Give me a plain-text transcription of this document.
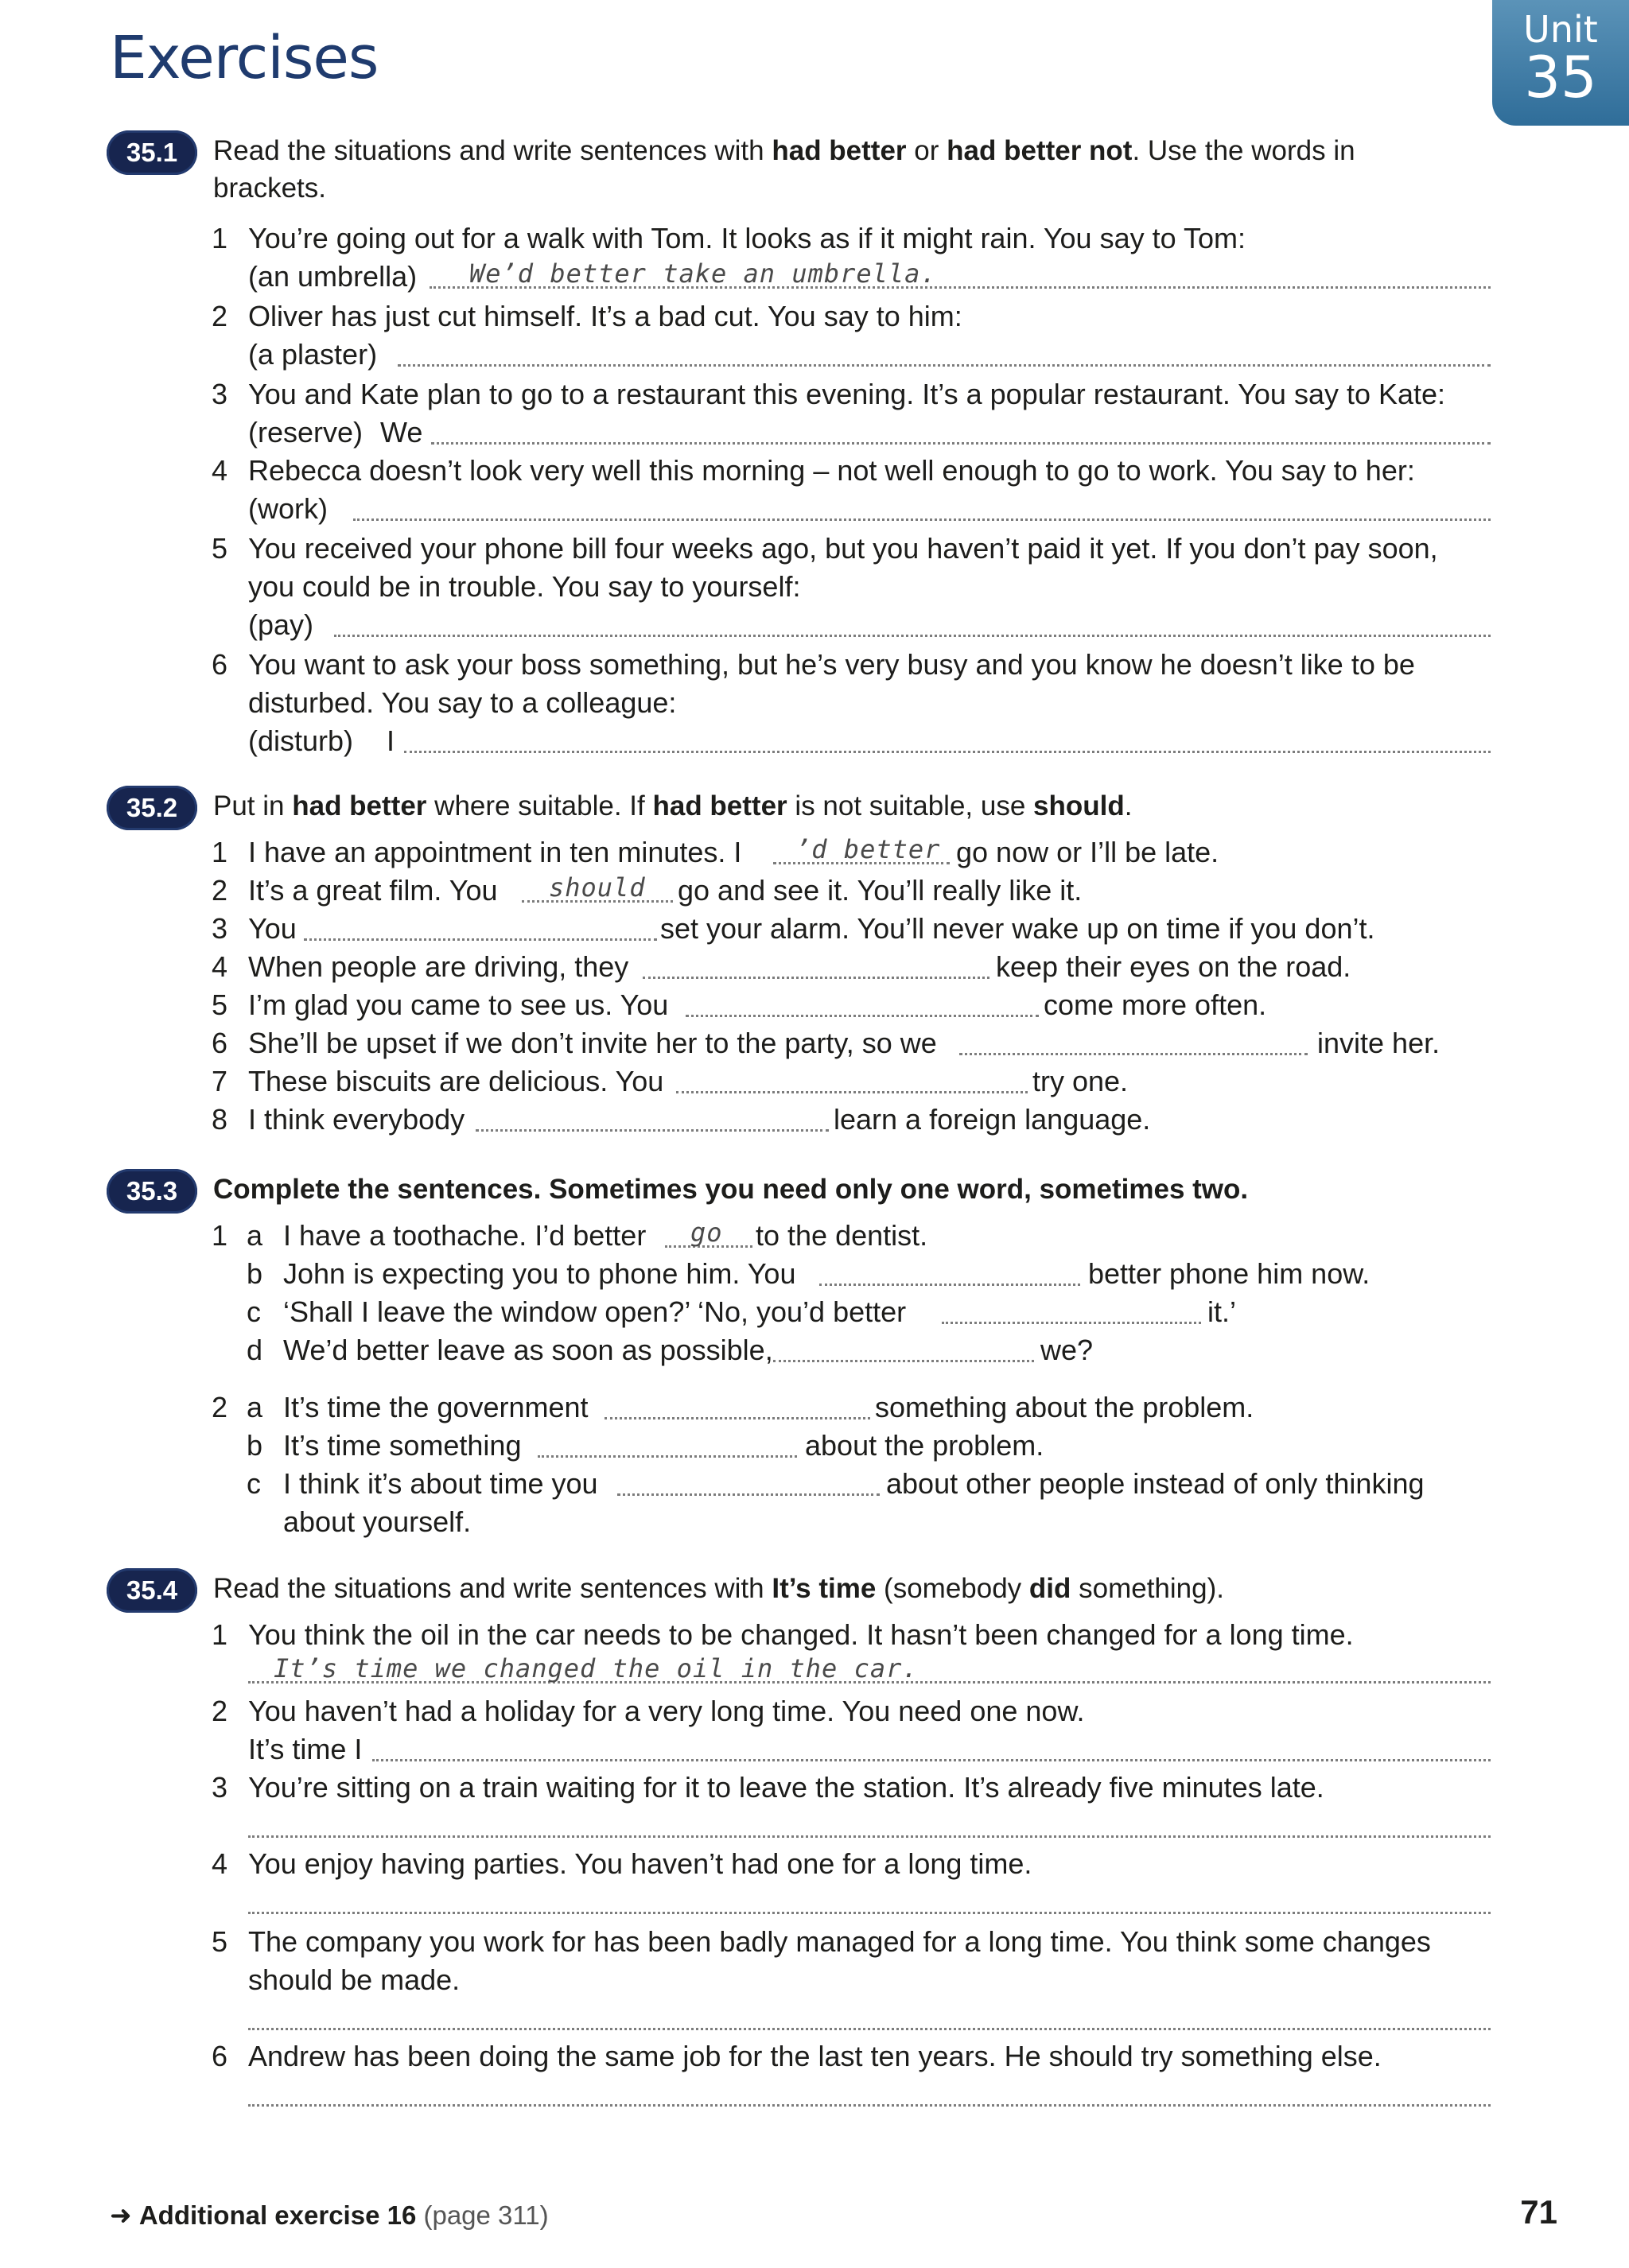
Exercises	Unit
35
35.1	Read the situations and write sentences with had better or had better not. Use the words in brackets.
1 You’re going out for a walk with Tom. It looks as if it might rain. You say to Tom:
(an umbrella) We’d better take an umbrella.
2 Oliver has just cut himself. It’s a bad cut. You say to him:
(a plaster)
3 You and Kate plan to go to a restaurant this evening. It’s a popular restaurant. You say to Kate:
(reserve) We
4 Rebecca doesn’t look very well this morning – not well enough to go to work. You say to her:
(work)
5 You received your phone bill four weeks ago, but you haven’t paid it yet. If you don’t pay soon,
you could be in trouble. You say to yourself:
(pay)
6 You want to ask your boss something, but he’s very busy and you know he doesn’t like to be
disturbed. You say to a colleague:
(disturb) I
35.2	Put in had better where suitable. If had better is not suitable, use should.
1 I have an appointment in ten minutes. I ’d better go now or I’ll be late.
2 It’s a great film. You should go and see it. You’ll really like it.
3 You	set your alarm. You’ll never wake up on time if you don’t.
4 When people are driving, they	keep their eyes on the road.
5 I’m glad you came to see us. You	come more often.
6 She’ll be upset if we don’t invite her to the party, so we	invite her.
7 These biscuits are delicious. You	try one.
8 I think everybody	learn a foreign language.
35.3	Complete the sentences. Sometimes you need only one word, sometimes two.
1 a I have a toothache. I’d better go to the dentist.
b John is expecting you to phone him. You	better phone him now.
c ‘Shall I leave the window open?’ ‘No, you’d better	it.’
d We’d better leave as soon as possible,	we?
2 a It’s time the government	something about the problem.
b It’s time something	about the problem.
c I think it’s about time you	about other people instead of only thinking
about yourself.
35.4	Read the situations and write sentences with It’s time (somebody did something).
1 You think the oil in the car needs to be changed. It hasn’t been changed for a long time.
It’s time we changed the oil in the car.
2 You haven’t had a holiday for a very long time. You need one now.
It’s time I
3 You’re sitting on a train waiting for it to leave the station. It’s already five minutes late.
4 You enjoy having parties. You haven’t had one for a long time.
5 The company you work for has been badly managed for a long time. You think some changes
should be made.
6 Andrew has been doing the same job for the last ten years. He should try something else.
➜ Additional exercise 16 (page 311)	71
